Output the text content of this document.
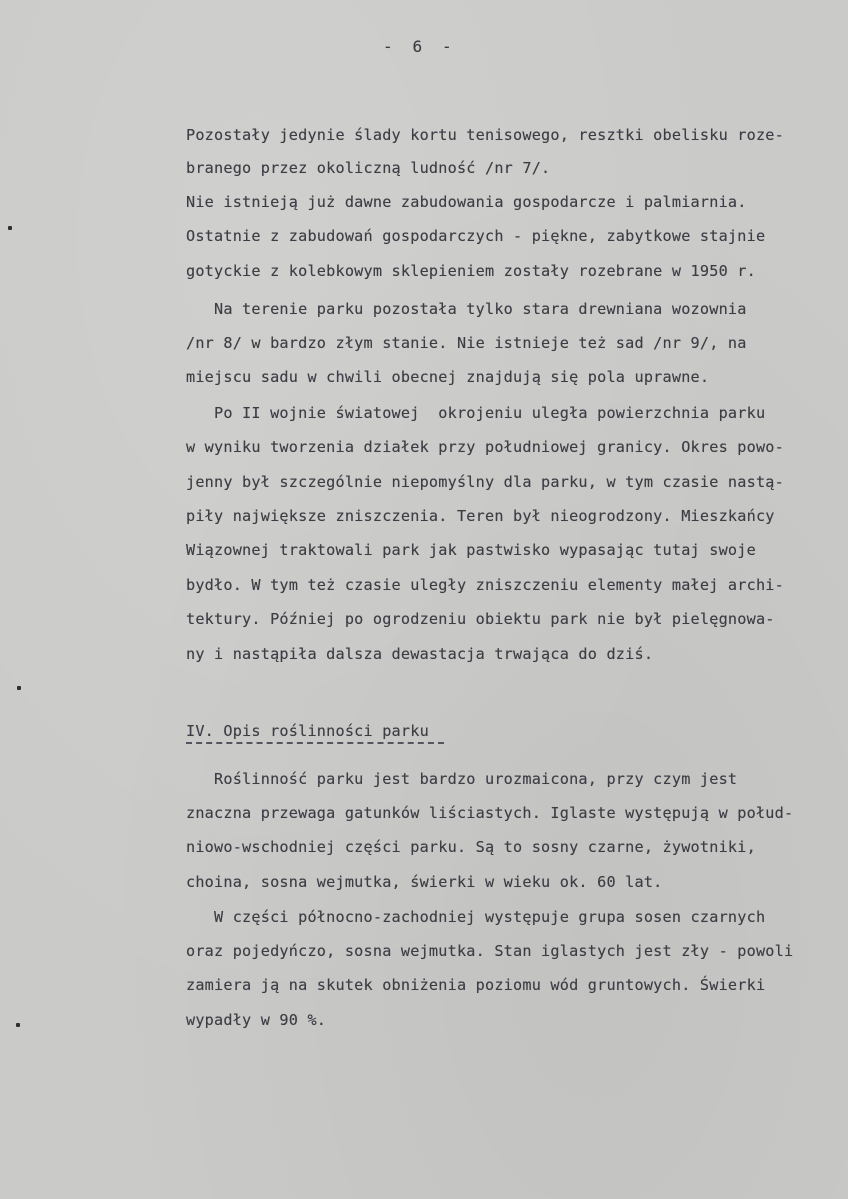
-  6  -
Pozostały jedynie ślady kortu tenisowego, resztki obelisku roze-
branego przez okoliczną ludność /nr 7/.
Nie istnieją już dawne zabudowania gospodarcze i palmiarnia.
Ostatnie z zabudowań gospodarczych - piękne, zabytkowe stajnie
gotyckie z kolebkowym sklepieniem zostały rozebrane w 1950 r.
Na terenie parku pozostała tylko stara drewniana wozownia
/nr 8/ w bardzo złym stanie. Nie istnieje też sad /nr 9/, na
miejscu sadu w chwili obecnej znajdują się pola uprawne.
Po II wojnie światowej  okrojeniu uległa powierzchnia parku
w wyniku tworzenia działek przy południowej granicy. Okres powo-
jenny był szczególnie niepomyślny dla parku, w tym czasie nastą-
piły największe zniszczenia. Teren był nieogrodzony. Mieszkańcy
Wiązownej traktowali park jak pastwisko wypasając tutaj swoje
bydło. W tym też czasie uległy zniszczeniu elementy małej archi-
tektury. Później po ogrodzeniu obiektu park nie był pielęgnowa-
ny i nastąpiła dalsza dewastacja trwająca do dziś.
IV. Opis roślinności parku
Roślinność parku jest bardzo urozmaicona, przy czym jest
znaczna przewaga gatunków liściastych. Iglaste występują w połud-
niowo-wschodniej części parku. Są to sosny czarne, żywotniki,
choina, sosna wejmutka, świerki w wieku ok. 60 lat.
W części północno-zachodniej występuje grupa sosen czarnych
oraz pojedyńczo, sosna wejmutka. Stan iglastych jest zły - powoli
zamiera ją na skutek obniżenia poziomu wód gruntowych. Świerki
wypadły w 90 %.
